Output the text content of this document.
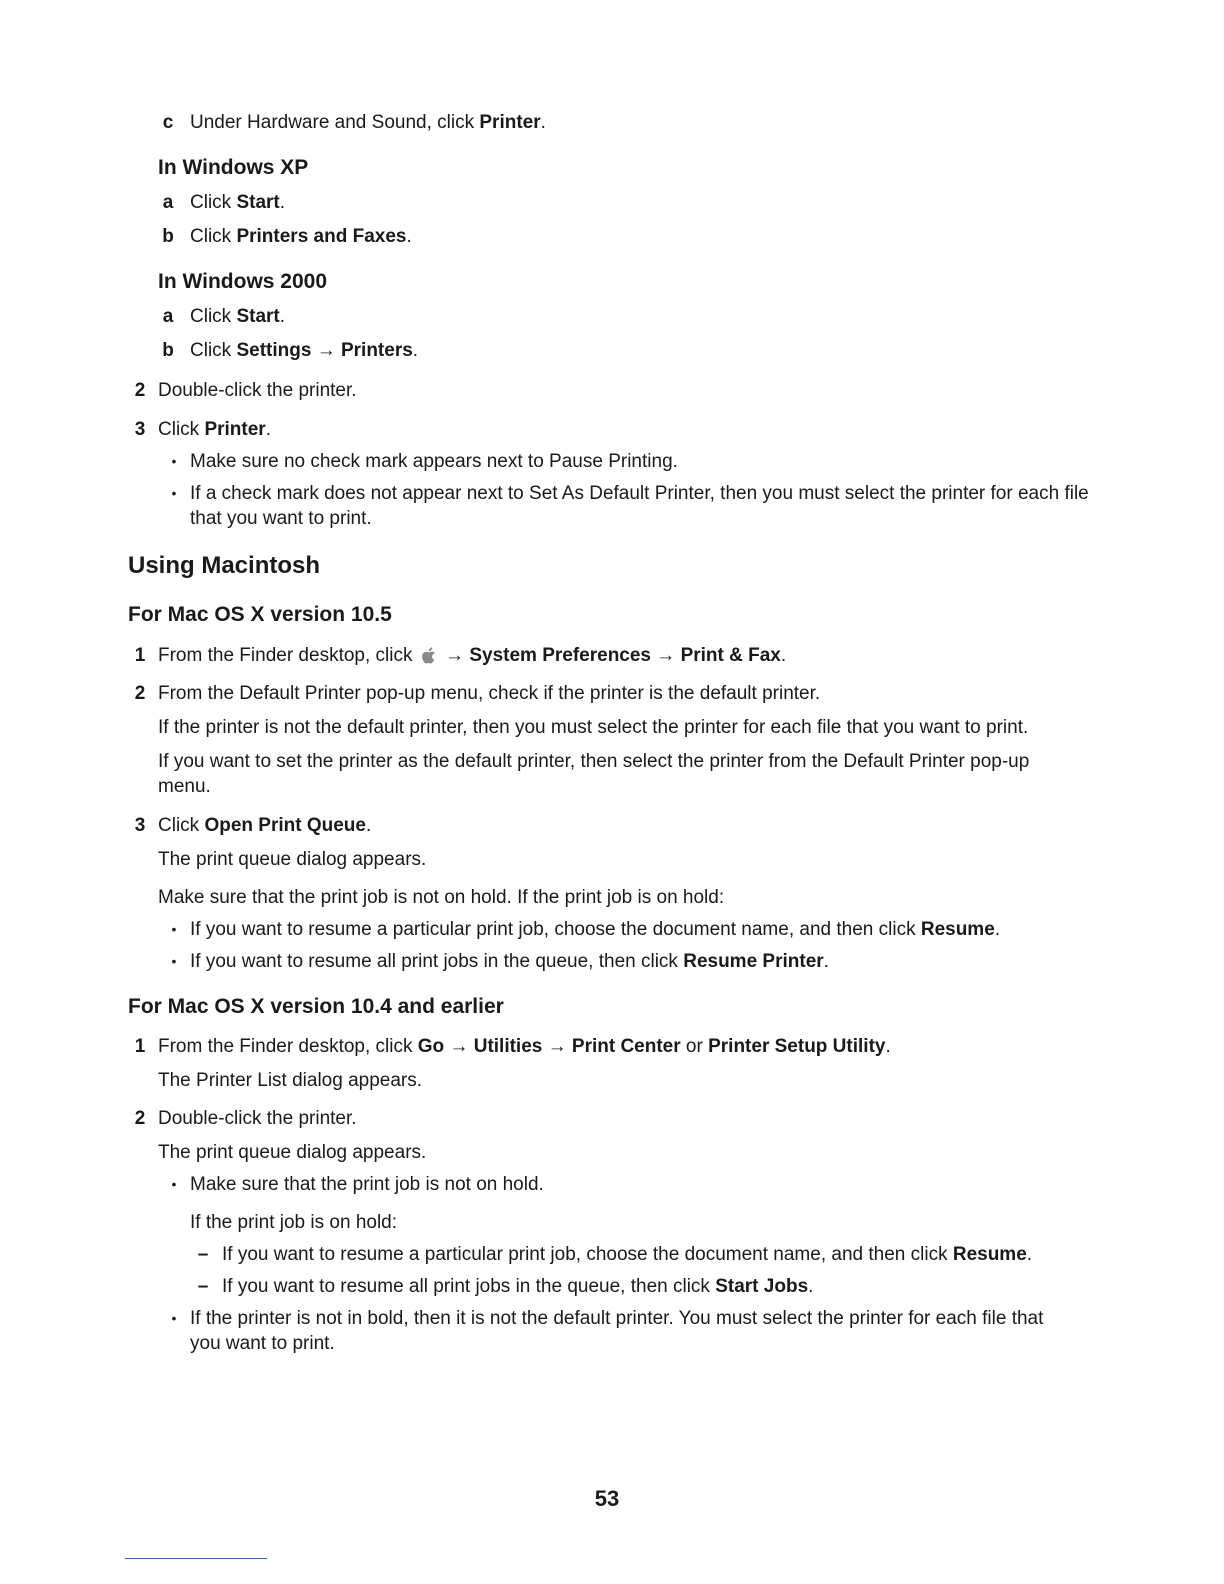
c Under Hardware and Sound, click Printer.
In Windows XP
a Click Start.
b Click Printers and Faxes.
In Windows 2000
a Click Start.
b Click Settings → Printers.
2 Double-click the printer.
3 Click Printer.
• Make sure no check mark appears next to Pause Printing.
• If a check mark does not appear next to Set As Default Printer, then you must select the printer for each file
that you want to print.
Using Macintosh
For Mac OS X version 10.5
1 From the Finder desktop, click  → System Preferences → Print & Fax.
2 From the Default Printer pop-up menu, check if the printer is the default printer.
If the printer is not the default printer, then you must select the printer for each file that you want to print.
If you want to set the printer as the default printer, then select the printer from the Default Printer pop-up
menu.
3 Click Open Print Queue.
The print queue dialog appears.
Make sure that the print job is not on hold. If the print job is on hold:
• If you want to resume a particular print job, choose the document name, and then click Resume.
• If you want to resume all print jobs in the queue, then click Resume Printer.
For Mac OS X version 10.4 and earlier
1 From the Finder desktop, click Go → Utilities → Print Center or Printer Setup Utility.
The Printer List dialog appears.
2 Double-click the printer.
The print queue dialog appears.
• Make sure that the print job is not on hold.
If the print job is on hold:
– If you want to resume a particular print job, choose the document name, and then click Resume.
– If you want to resume all print jobs in the queue, then click Start Jobs.
• If the printer is not in bold, then it is not the default printer. You must select the printer for each file that
you want to print.
53
